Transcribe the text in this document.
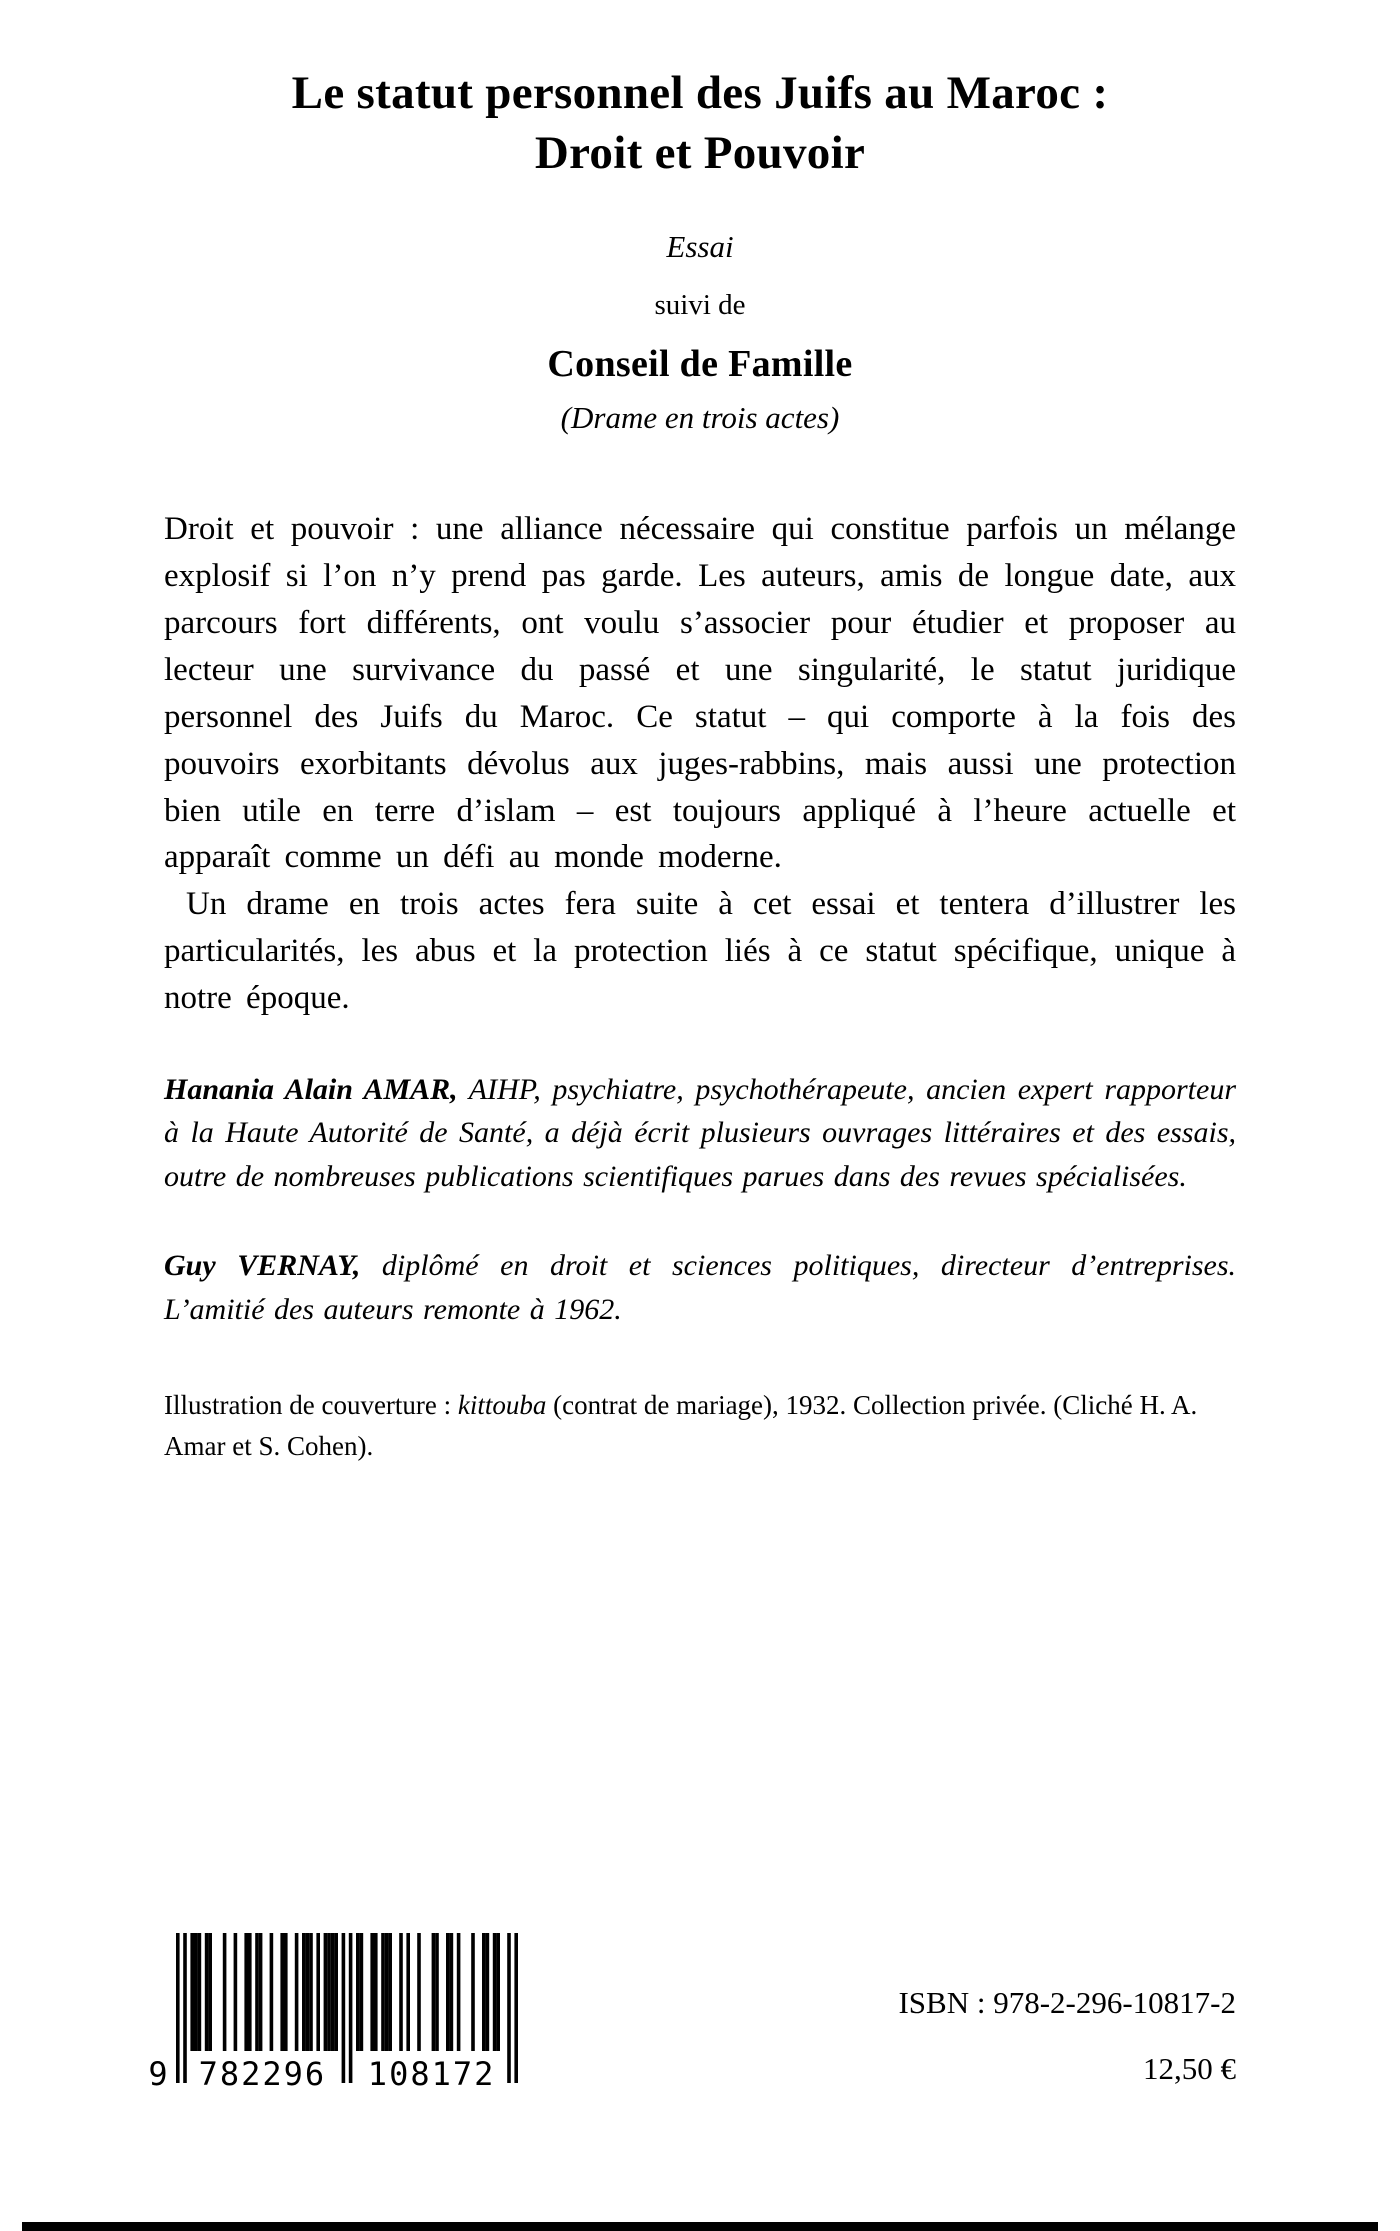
Le statut personnel des Juifs au Maroc :
Droit et Pouvoir
Essai
suivi de
Conseil de Famille
(Drame en trois actes)

Droit et pouvoir : une alliance nécessaire qui constitue parfois un mélange explosif si l’on n’y prend pas garde. Les auteurs, amis de longue date, aux parcours fort différents, ont voulu s’associer pour étudier et proposer au lecteur une survivance du passé et une singularité, le statut juridique personnel des Juifs du Maroc. Ce statut – qui comporte à la fois des pouvoirs exorbitants dévolus aux juges-rabbins, mais aussi une protection bien utile en terre d’islam – est toujours appliqué à l’heure actuelle et apparaît comme un défi au monde moderne.

Un drame en trois actes fera suite à cet essai et tentera d’illustrer les particularités, les abus et la protection liés à ce statut spécifique, unique à notre époque.

Hanania Alain AMAR, AIHP, psychiatre, psychothérapeute, ancien expert rapporteur à la Haute Autorité de Santé, a déjà écrit plusieurs ouvrages littéraires et des essais, outre de nombreuses publications scientifiques parues dans des revues spécialisées.

Guy VERNAY, diplômé en droit et sciences politiques, directeur d’entreprises. L’amitié des auteurs remonte à 1962.

Illustration de couverture : kittouba (contrat de mariage), 1932. Collection privée. (Cliché H. A. Amar et S. Cohen).

9 782296 108172
ISBN : 978-2-296-10817-2
12,50 €
